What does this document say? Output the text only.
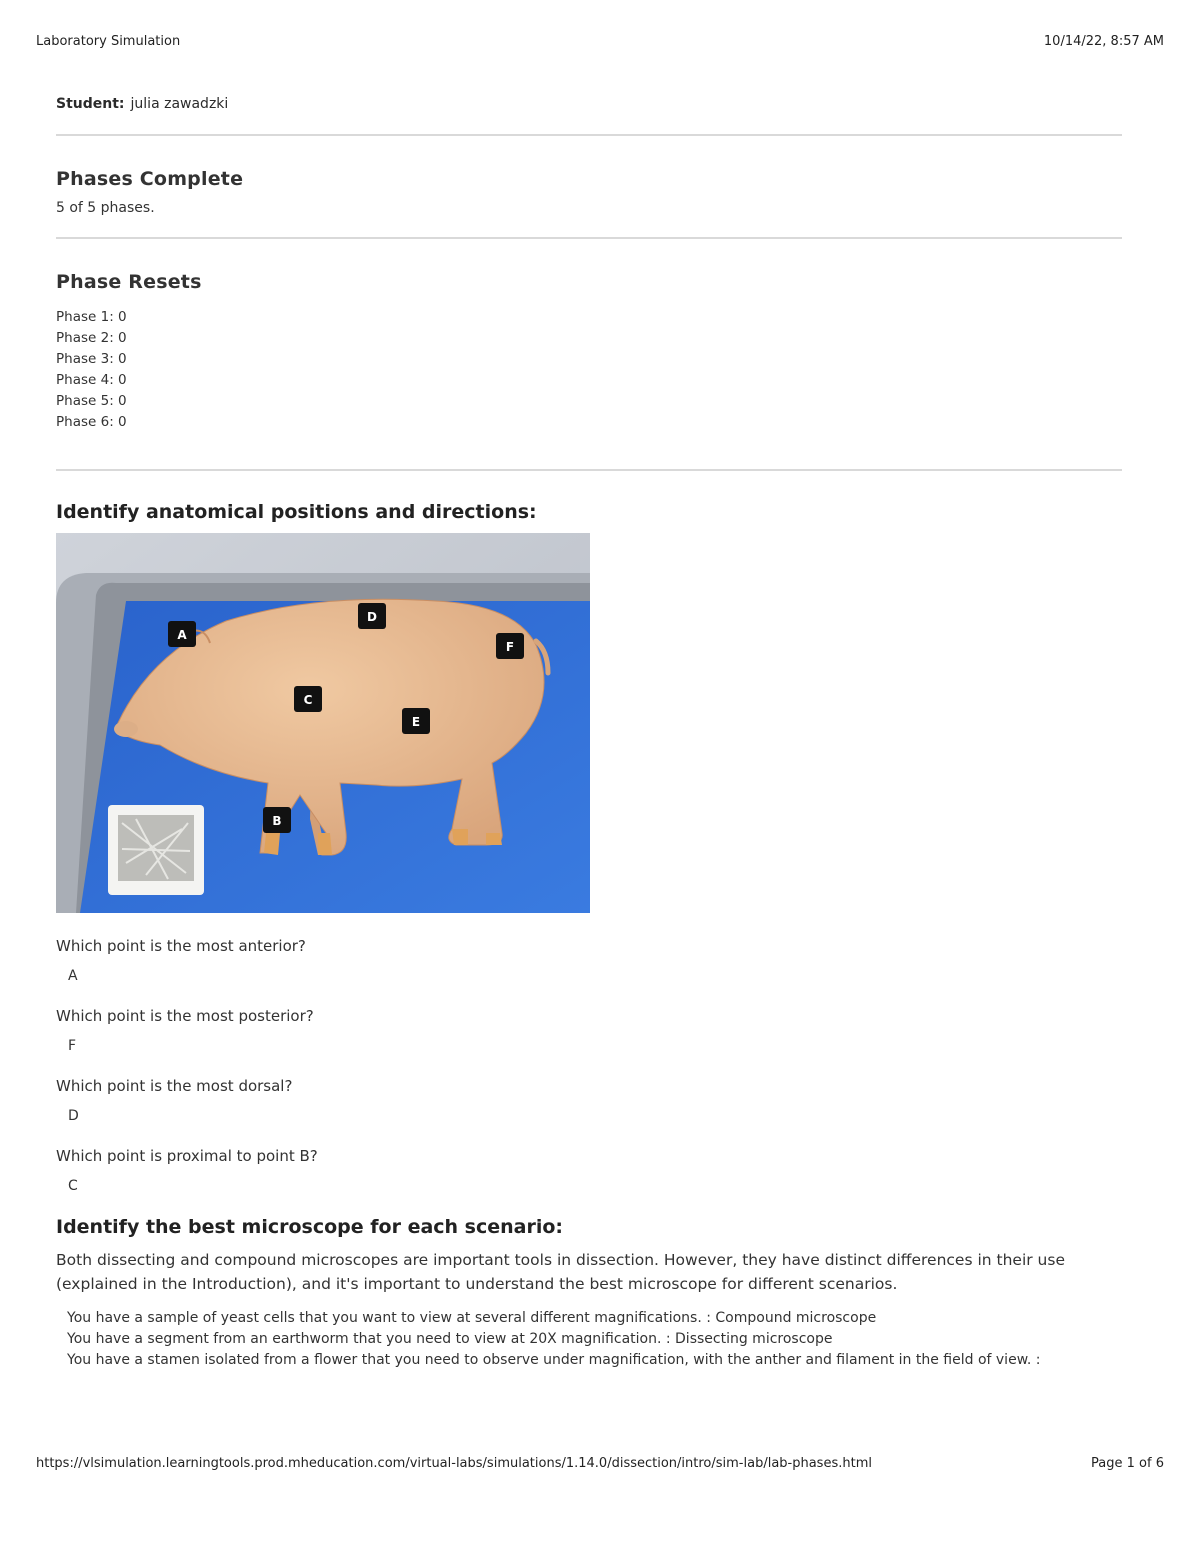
Laboratory Simulation	10/14/22, 8:57 AM
Student: julia zawadzki
Phases Complete
5 of 5 phases.
Phase Resets
Phase 1: 0
Phase 2: 0
Phase 3: 0
Phase 4: 0
Phase 5: 0
Phase 6: 0
Identify anatomical positions and directions:
A
B
C
D
E
F
Which point is the most anterior?
A
Which point is the most posterior?
F
Which point is the most dorsal?
D
Which point is proximal to point B?
C
Identify the best microscope for each scenario:
Both dissecting and compound microscopes are important tools in dissection. However, they have distinct differences in their use (explained in the Introduction), and it's important to understand the best microscope for different scenarios.
You have a sample of yeast cells that you want to view at several different magnifications. : Compound microscope
You have a segment from an earthworm that you need to view at 20X magnification. : Dissecting microscope
You have a stamen isolated from a flower that you need to observe under magnification, with the anther and filament in the field of view. :
https://vlsimulation.learningtools.prod.mheducation.com/virtual-labs/simulations/1.14.0/dissection/intro/sim-lab/lab-phases.html	Page 1 of 6
